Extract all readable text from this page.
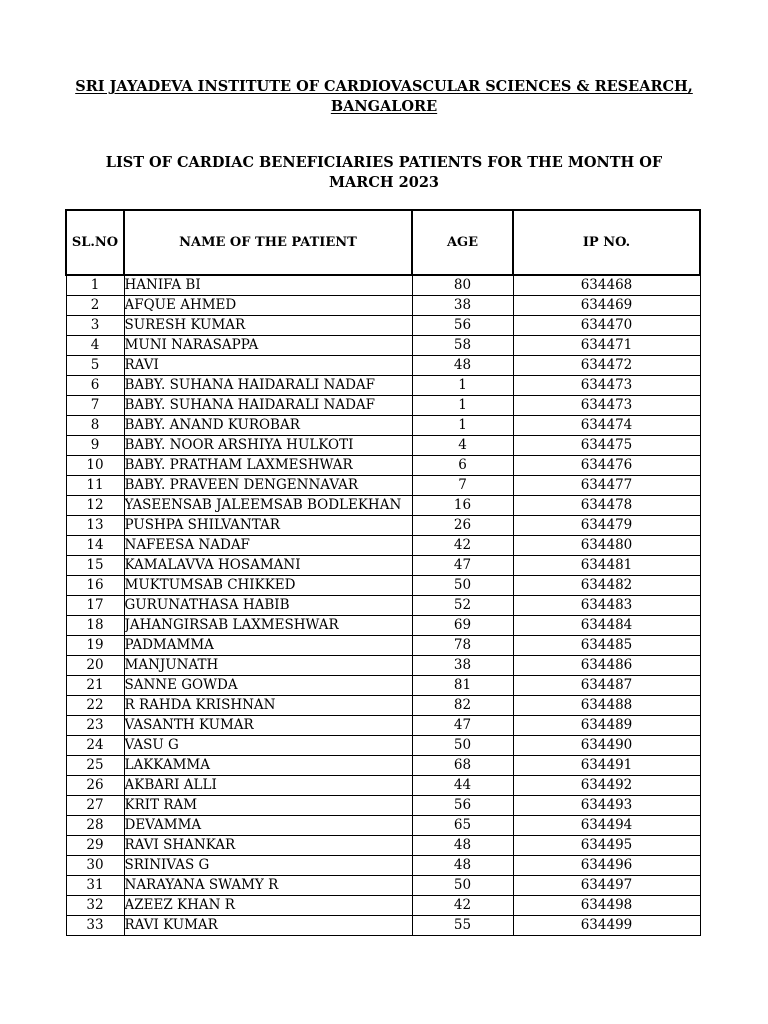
SRI JAYADEVA INSTITUTE OF CARDIOVASCULAR SCIENCES & RESEARCH,
BANGALORE
LIST OF CARDIAC BENEFICIARIES PATIENTS FOR THE MONTH OF
MARCH 2023
SL.NO	NAME OF THE PATIENT	AGE	IP NO.
1	HANIFA BI	80	634468
2	AFQUE AHMED	38	634469
3	SURESH KUMAR	56	634470
4	MUNI NARASAPPA	58	634471
5	RAVI	48	634472
6	BABY. SUHANA HAIDARALI NADAF	1	634473
7	BABY. SUHANA HAIDARALI NADAF	1	634473
8	BABY. ANAND KUROBAR	1	634474
9	BABY. NOOR ARSHIYA HULKOTI	4	634475
10	BABY. PRATHAM LAXMESHWAR	6	634476
11	BABY. PRAVEEN DENGENNAVAR	7	634477
12	YASEENSAB JALEEMSAB BODLEKHAN	16	634478
13	PUSHPA SHILVANTAR	26	634479
14	NAFEESA NADAF	42	634480
15	KAMALAVVA HOSAMANI	47	634481
16	MUKTUMSAB CHIKKED	50	634482
17	GURUNATHASA HABIB	52	634483
18	JAHANGIRSAB LAXMESHWAR	69	634484
19	PADMAMMA	78	634485
20	MANJUNATH	38	634486
21	SANNE GOWDA	81	634487
22	R RAHDA KRISHNAN	82	634488
23	VASANTH KUMAR	47	634489
24	VASU G	50	634490
25	LAKKAMMA	68	634491
26	AKBARI ALLI	44	634492
27	KRIT RAM	56	634493
28	DEVAMMA	65	634494
29	RAVI SHANKAR	48	634495
30	SRINIVAS G	48	634496
31	NARAYANA SWAMY R	50	634497
32	AZEEZ KHAN R	42	634498
33	RAVI KUMAR	55	634499
